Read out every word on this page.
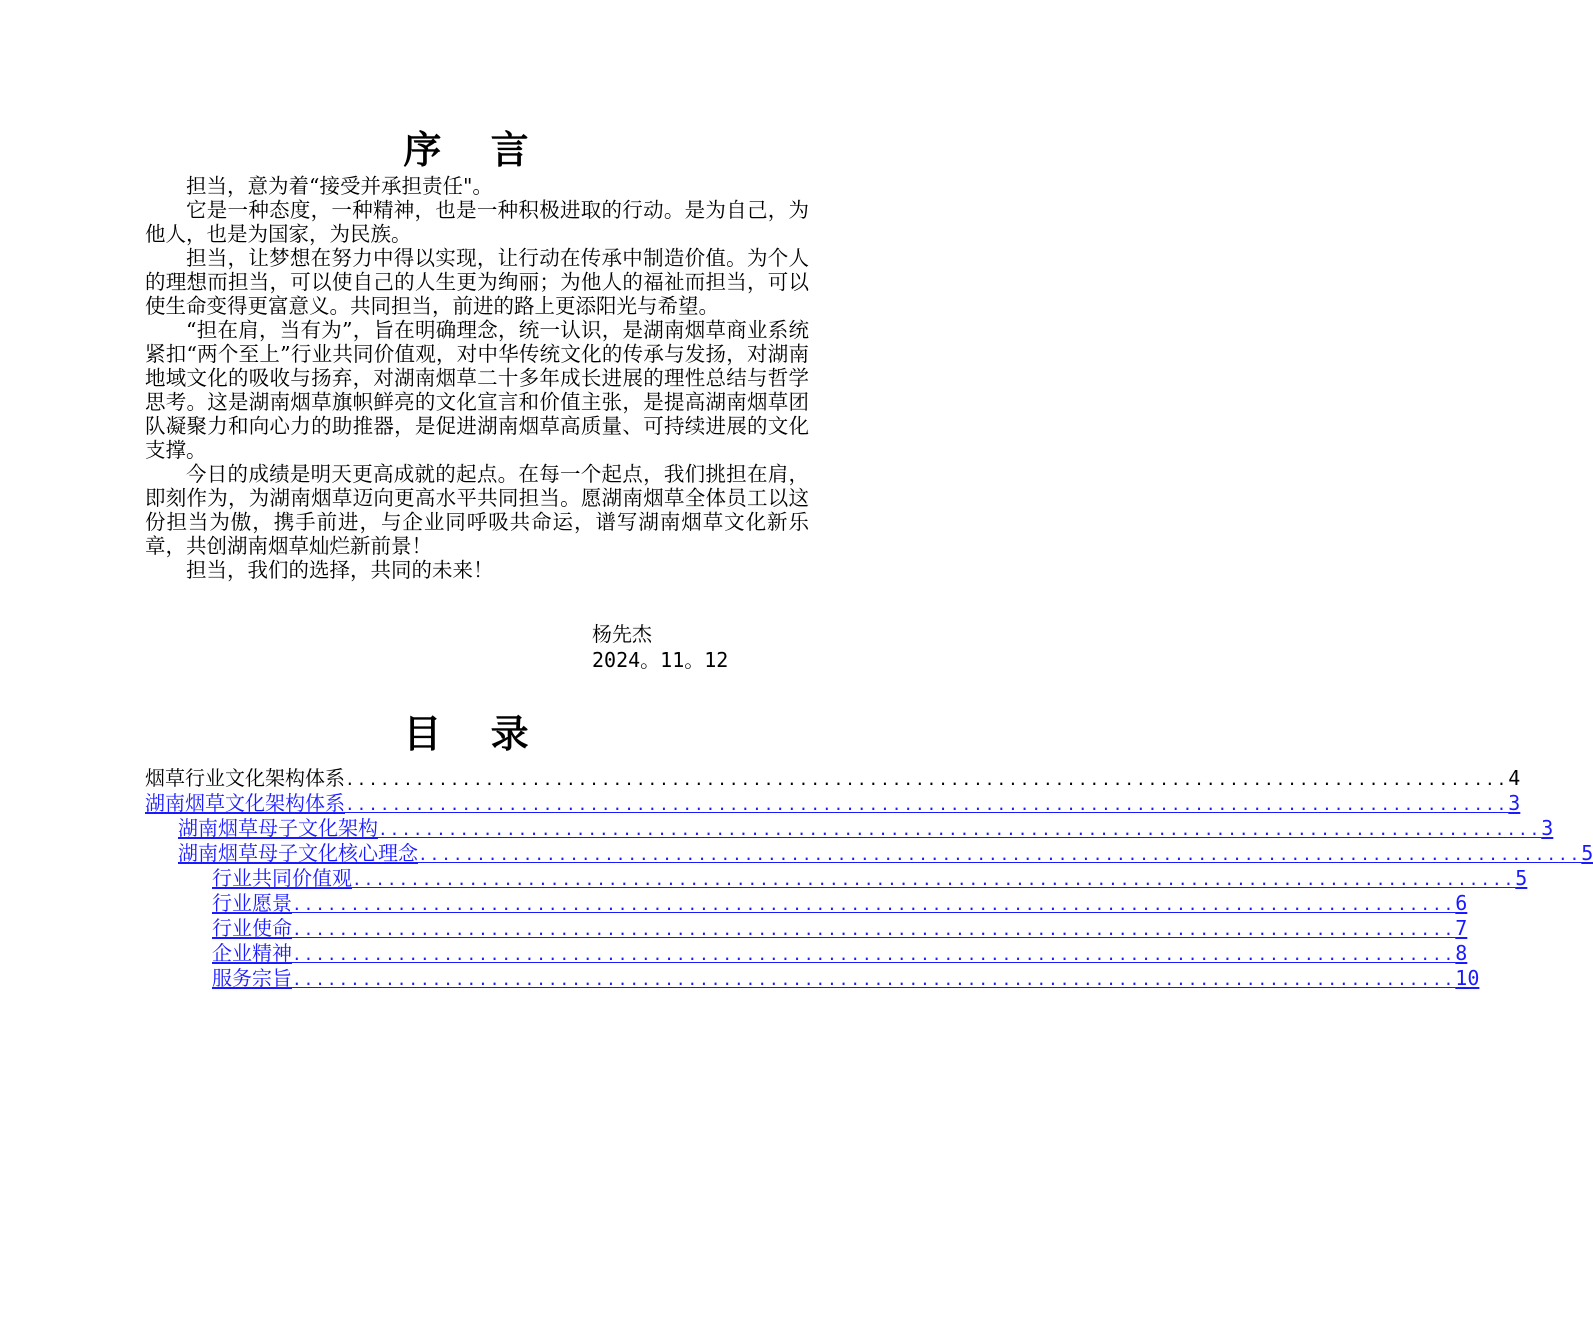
序 言

担当，意为着“接受并承担责任"。

它是一种态度，一种精神，也是一种积极进取的行动。是为自己，为他人，也是为国家，为民族。

担当，让梦想在努力中得以实现，让行动在传承中制造价值。为个人的理想而担当，可以使自己的人生更为绚丽；为他人的福祉而担当，可以使生命变得更富意义。共同担当，前进的路上更添阳光与希望。

“担在肩，当有为”，旨在明确理念，统一认识，是湖南烟草商业系统紧扣“两个至上”行业共同价值观，对中华传统文化的传承与发扬，对湖南地域文化的吸收与扬弃，对湖南烟草二十多年成长进展的理性总结与哲学思考。这是湖南烟草旗帜鲜亮的文化宣言和价值主张，是提高湖南烟草团队凝聚力和向心力的助推器，是促进湖南烟草高质量、可持续进展的文化支撑。

今日的成绩是明天更高成就的起点。在每一个起点，我们挑担在肩，即刻作为，为湖南烟草迈向更高水平共同担当。愿湖南烟草全体员工以这份担当为傲，携手前进，与企业同呼吸共命运，谱写湖南烟草文化新乐章，共创湖南烟草灿烂新前景！

担当，我们的选择，共同的未来！

杨先杰
2024。11。12
目 录
烟草行业文化架构体系 .................................................................................................... 4
湖南烟草文化架构体系 .................................................................................................... 3
湖南烟草母子文化架构 .................................................................................................... 3
湖南烟草母子文化核心理念 .................................................................................................... 5
行业共同价值观 .................................................................................................... 5
行业愿景 .................................................................................................... 6
行业使命 .................................................................................................... 7
企业精神 .................................................................................................... 8
服务宗旨 .................................................................................................... 10
